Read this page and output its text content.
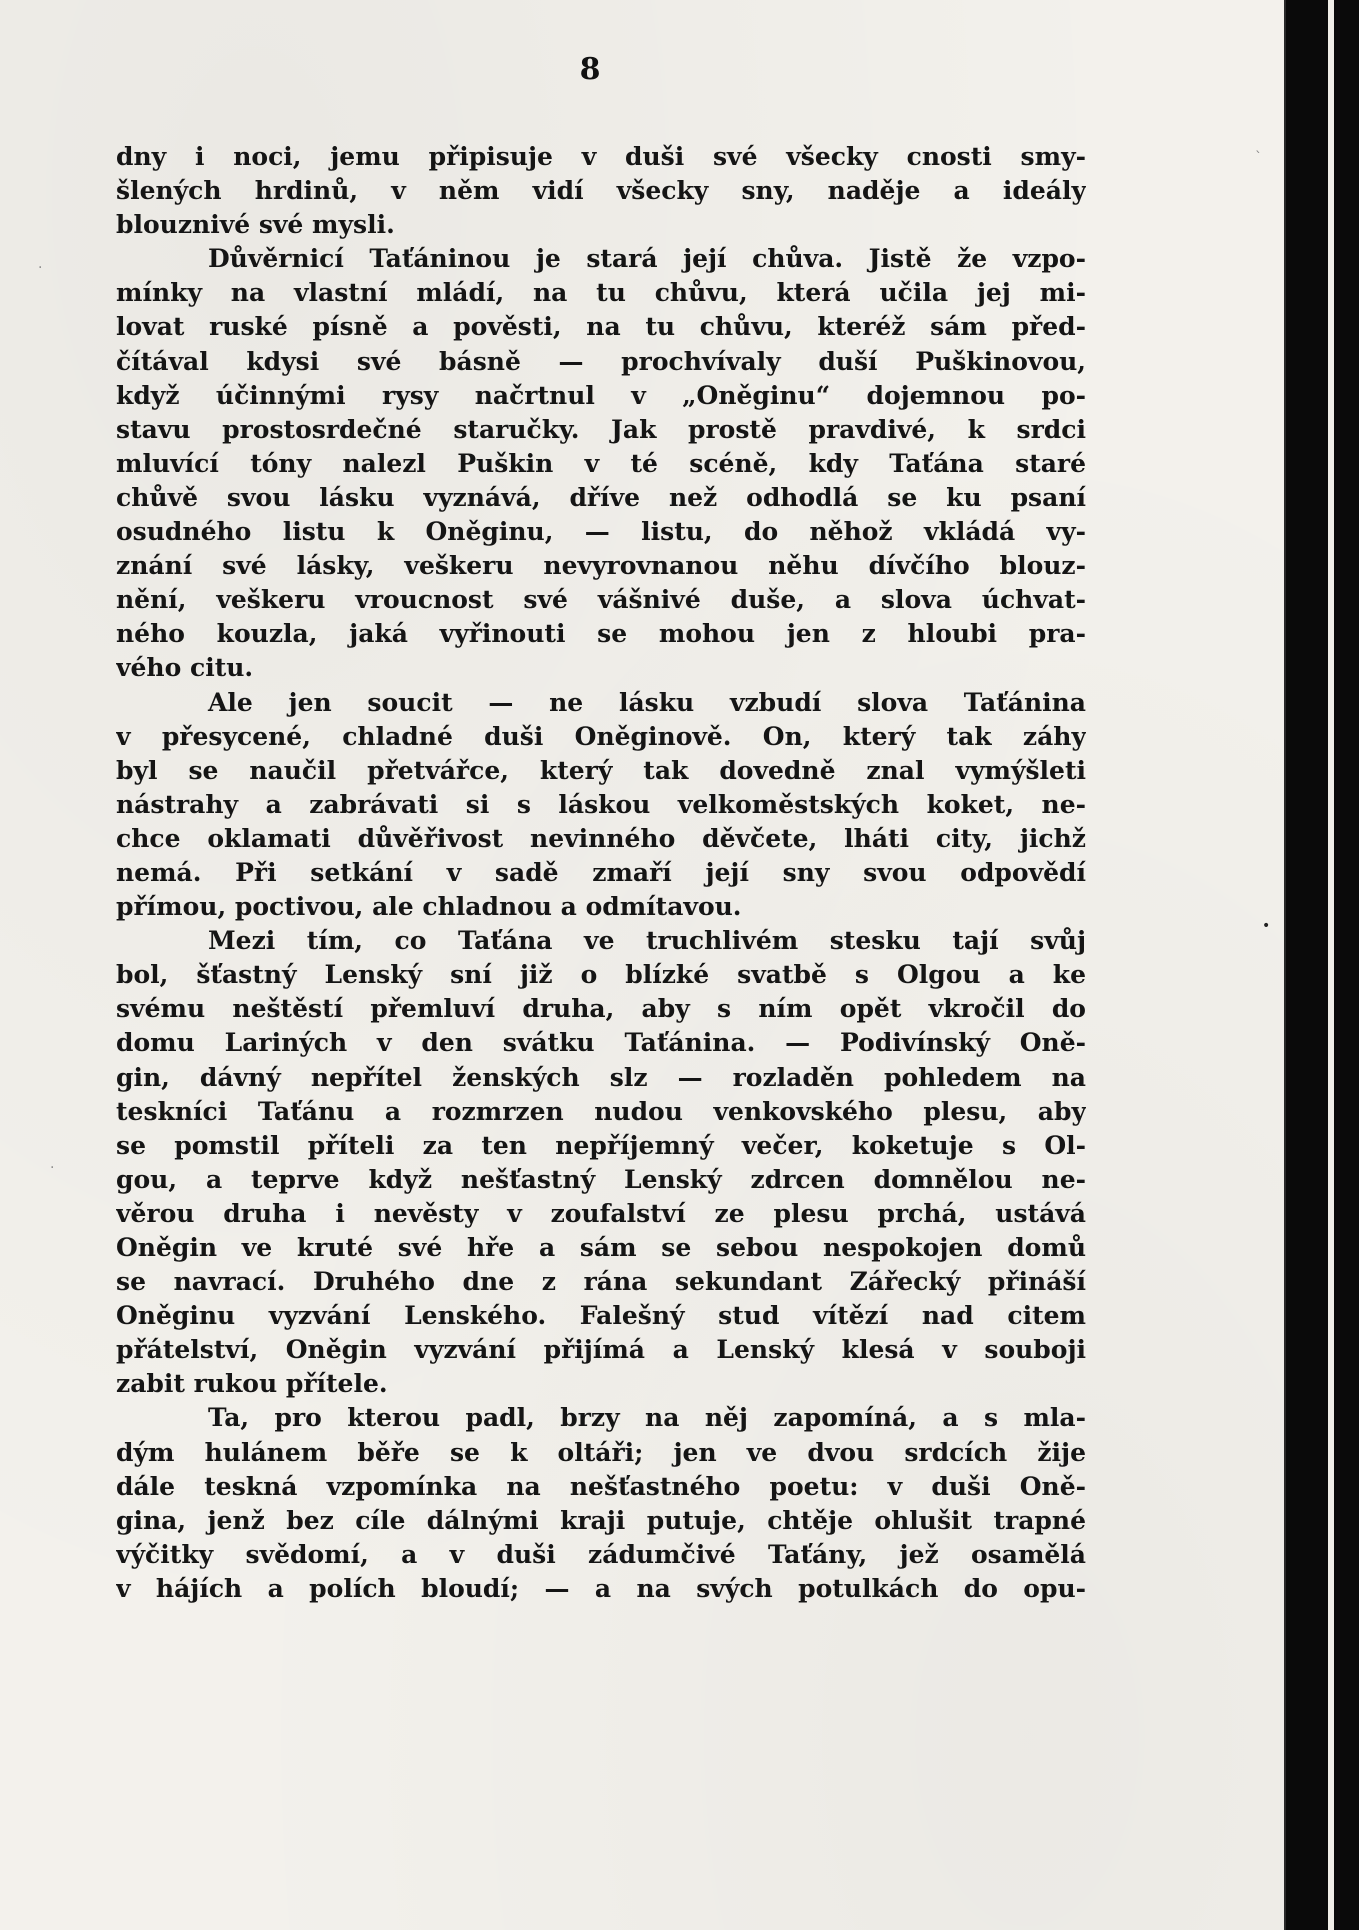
·
`
•
·
8

dny i noci, jemu připisuje v duši své všecky cnosti smy-
šlených hrdinů, v něm vidí všecky sny, naděje a ideály
blouznivé své mysli.

Důvěrnicí Taťáninou je stará její chůva. Jistě že vzpo-
mínky na vlastní mládí, na tu chůvu, která učila jej mi-
lovat ruské písně a pověsti, na tu chůvu, kteréž sám před-
čítával kdysi své básně — prochvívaly duší Puškinovou,
když účinnými rysy načrtnul v „Oněginu“ dojemnou po-
stavu prostosrdečné staručky. Jak prostě pravdivé, k srdci
mluvící tóny nalezl Puškin v té scéně, kdy Taťána staré
chůvě svou lásku vyznává, dříve než odhodlá se ku psaní
osudného listu k Oněginu, — listu, do něhož vkládá vy-
znání své lásky, veškeru nevyrovnanou něhu dívčího blouz-
nění, veškeru vroucnost své vášnivé duše, a slova úchvat-
ného kouzla, jaká vyřinouti se mohou jen z hloubi pra-
vého citu.

Ale jen soucit — ne lásku vzbudí slova Taťánina
v přesycené, chladné duši Oněginově. On, který tak záhy
byl se naučil přetvářce, který tak dovedně znal vymýšleti
nástrahy a zabrávati si s láskou velkoměstských koket, ne-
chce oklamati důvěřivost nevinného děvčete, lháti city, jichž
nemá. Při setkání v sadě zmaří její sny svou odpovědí
přímou, poctivou, ale chladnou a odmítavou.

Mezi tím, co Taťána ve truchlivém stesku tají svůj
bol, šťastný Lenský sní již o blízké svatbě s Olgou a ke
svému neštěstí přemluví druha, aby s ním opět vkročil do
domu Lariných v den svátku Taťánina. — Podivínský Oně-
gin, dávný nepřítel ženských slz — rozladěn pohledem na
teskníci Taťánu a rozmrzen nudou venkovského plesu, aby
se pomstil příteli za ten nepříjemný večer, koketuje s Ol-
gou, a teprve když nešťastný Lenský zdrcen domnělou ne-
věrou druha i nevěsty v zoufalství ze plesu prchá, ustává
Oněgin ve kruté své hře a sám se sebou nespokojen domů
se navrací. Druhého dne z rána sekundant Zářecký přináší
Oněginu vyzvání Lenského. Falešný stud vítězí nad citem
přátelství, Oněgin vyzvání přijímá a Lenský klesá v souboji
zabit rukou přítele.

Ta, pro kterou padl, brzy na něj zapomíná, a s mla-
dým hulánem běře se k oltáři; jen ve dvou srdcích žije
dále teskná vzpomínka na nešťastného poetu: v duši Oně-
gina, jenž bez cíle dálnými kraji putuje, chtěje ohlušit trapné
výčitky svědomí, a v duši zádumčivé Taťány, jež osamělá
v hájích a polích bloudí; — a na svých potulkách do opu-
